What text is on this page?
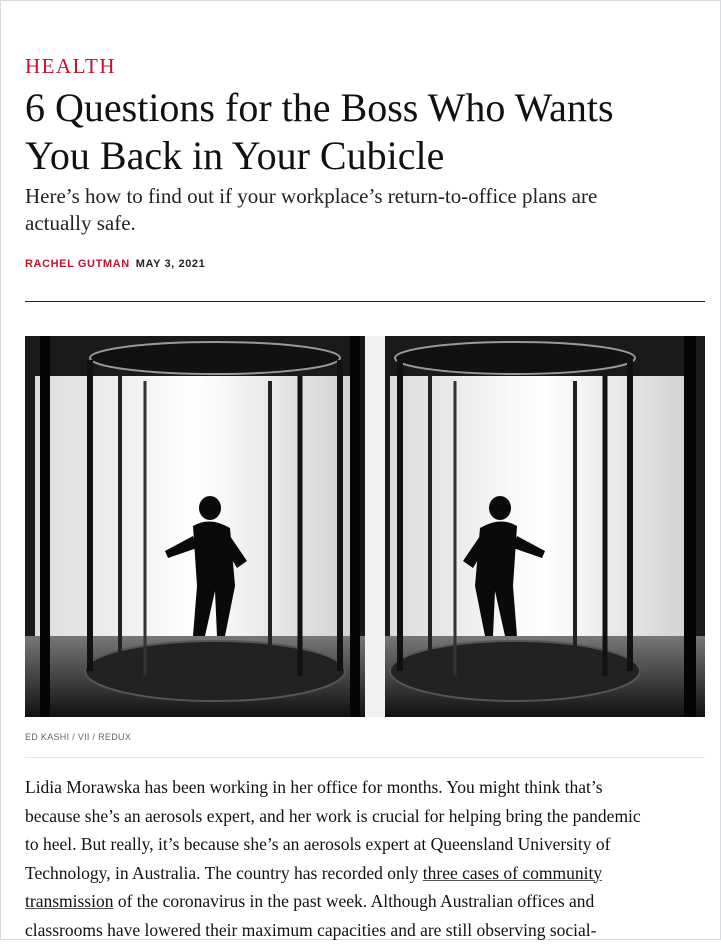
HEALTH
6 Questions for the Boss Who Wants
You Back in Your Cubicle
Here’s how to find out if your workplace’s return-to-office plans are
actually safe.
RACHEL GUTMAN MAY 3, 2021
ED KASHI / VII / REDUX

Lidia Morawska has been working in her office for months. You might think that’s
because she’s an aerosols expert, and her work is crucial for helping bring the pandemic
to heel. But really, it’s because she’s an aerosols expert at Queensland University of
Technology, in Australia. The country has recorded only three cases of community
transmission of the coronavirus in the past week. Although Australian offices and
classrooms have lowered their maximum capacities and are still observing social-
